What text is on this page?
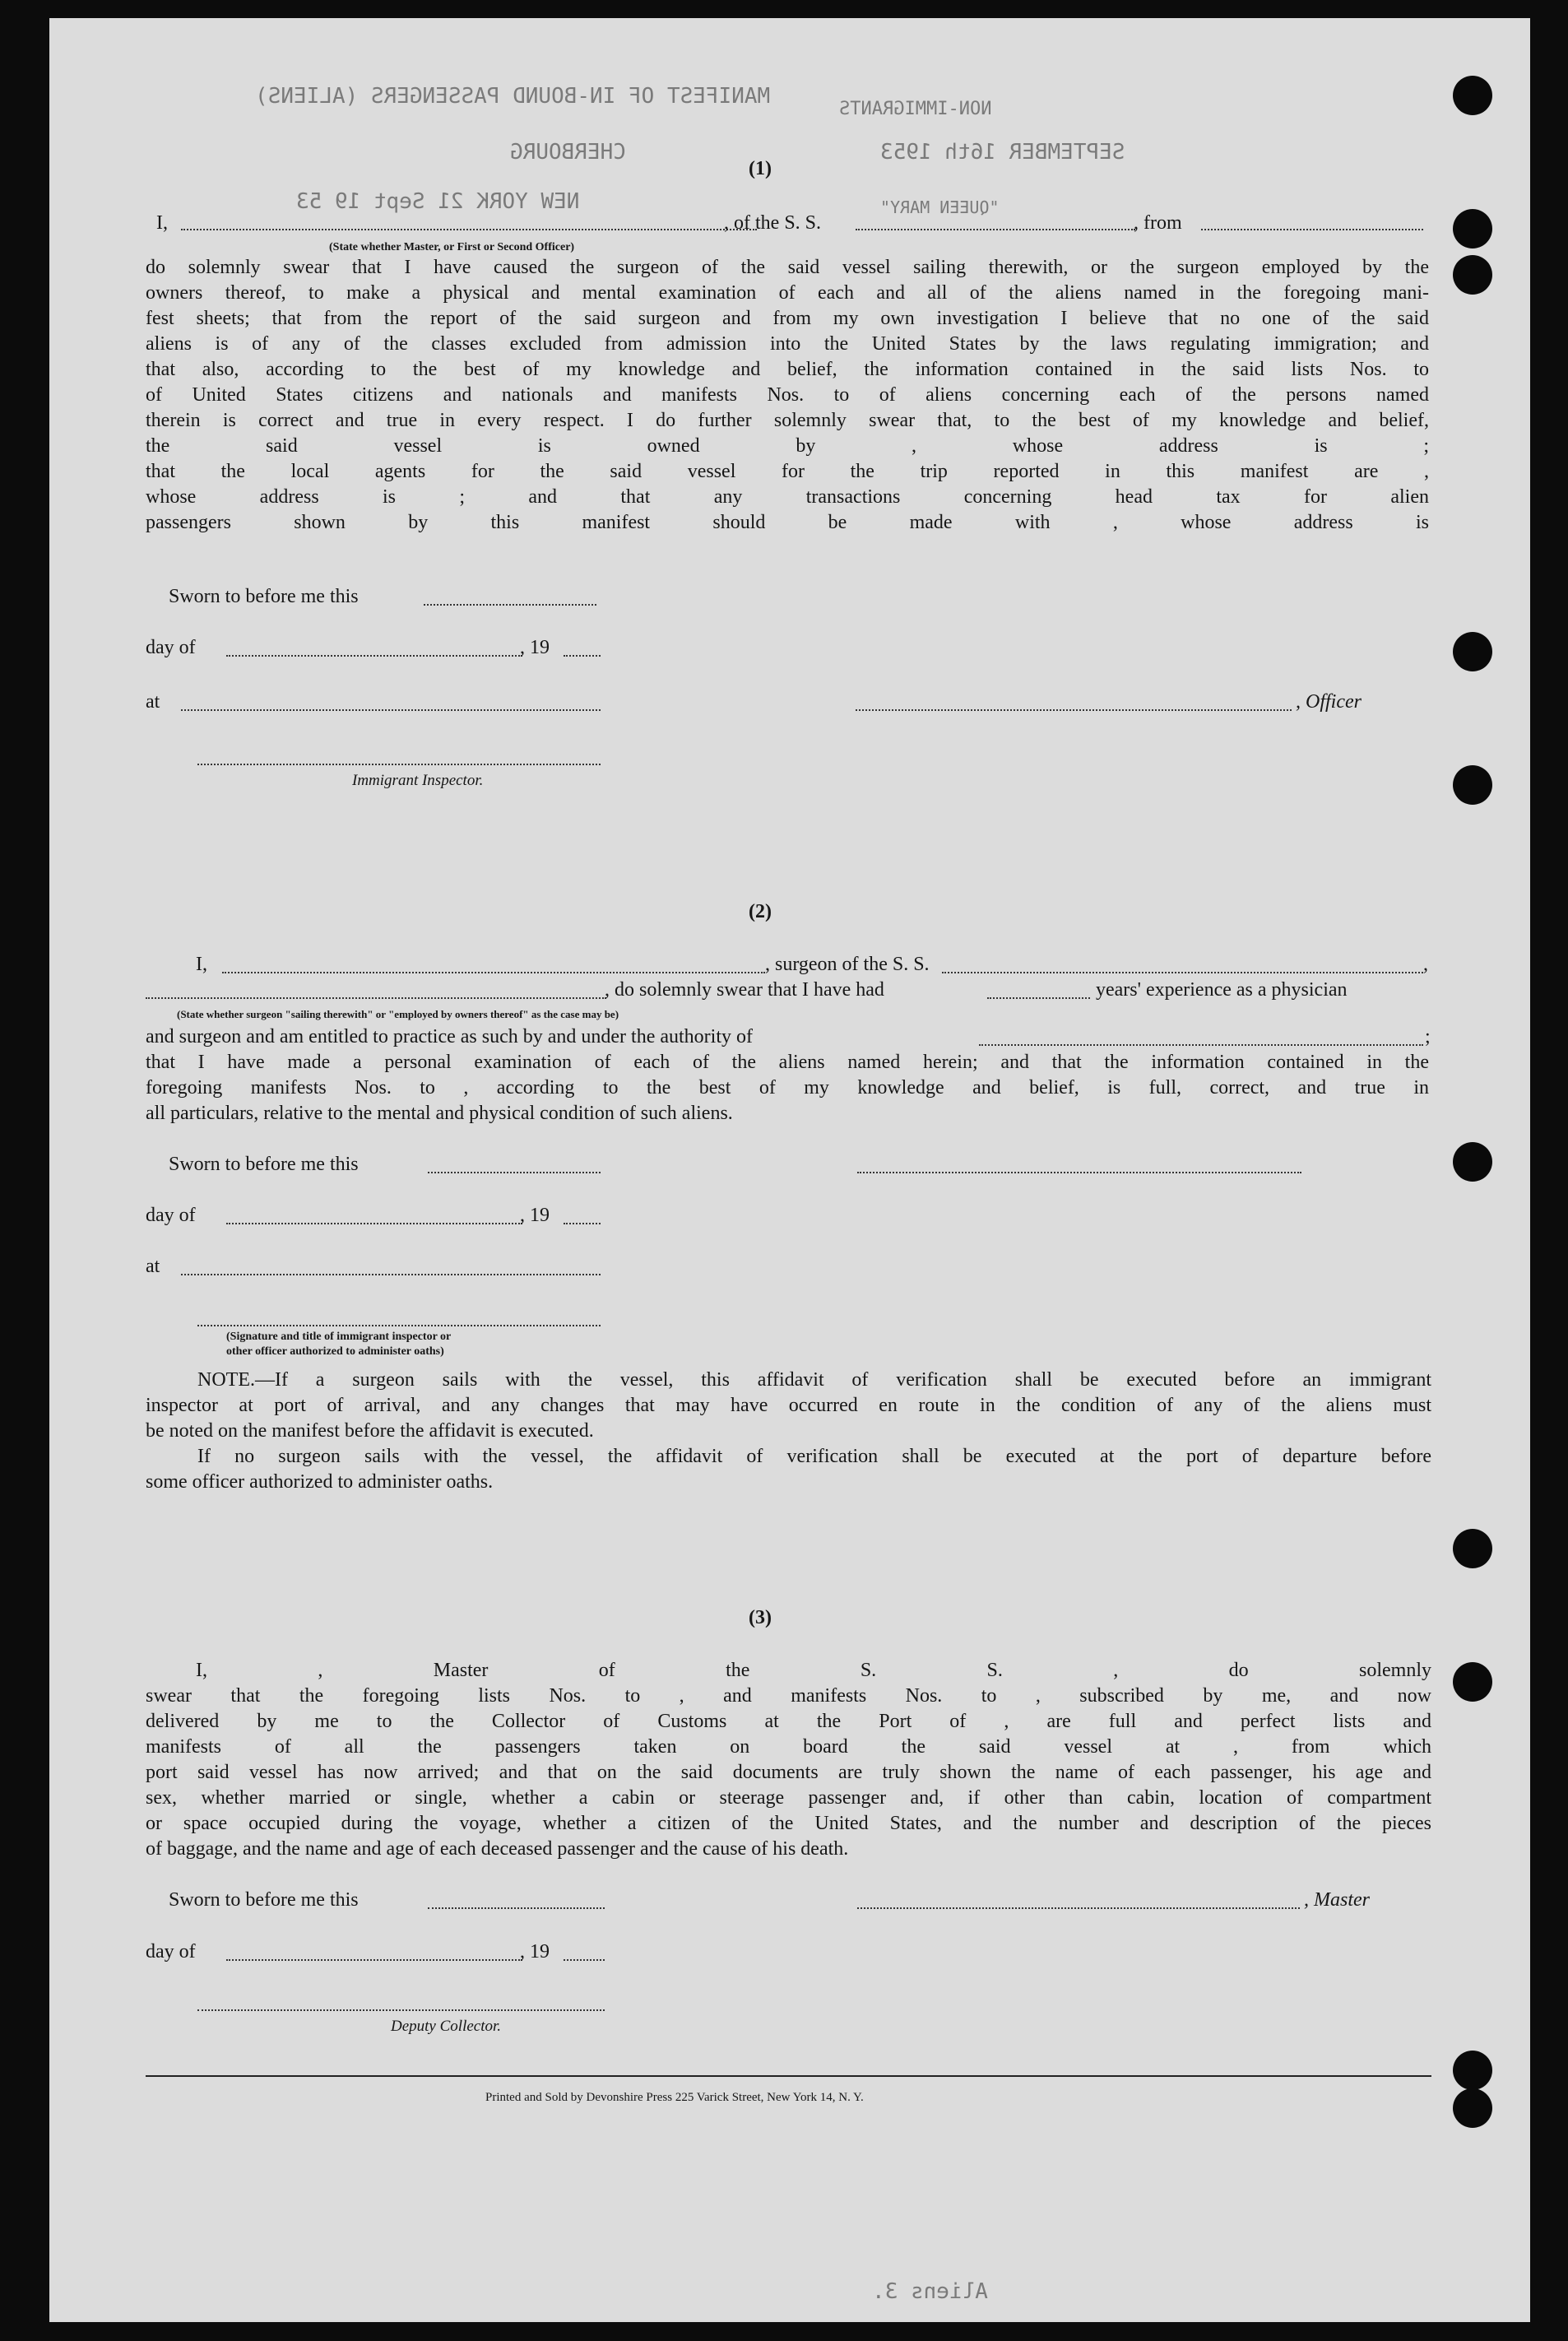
MANIFEST OF IN-BOUND PASSENGERS (ALIENS)
NON-IMMIGRANTS
SEPTEMBER 16th 1953
CHERBOURG
NEW YORK 21 Sept 19 53	"QUEEN MARY"
(1)
I,	, of the S. S.	, from
(State whether Master, or First or Second Officer)
do solemnly swear that I have caused the surgeon of the said vessel sailing therewith, or the surgeon employed by the
owners thereof, to make a physical and mental examination of each and all of the aliens named in the foregoing mani-
fest sheets; that from the report of the said surgeon and from my own investigation I believe that no one of the said
aliens is of any of the classes excluded from admission into the United States by the laws regulating immigration; and
that also, according to the best of my knowledge and belief, the information contained in the said lists Nos. to
of United States citizens and nationals and manifests Nos. to of aliens concerning each of the persons named
therein is correct and true in every respect. I do further solemnly swear that, to the best of my knowledge and belief,
the said vessel is owned by , whose address is ;
that the local agents for the said vessel for the trip reported in this manifest are ,
whose address is ; and that any transactions concerning head tax for alien
passengers shown by this manifest should be made with , whose address is
Sworn to before me this
day of	, 19
at	, Officer
Immigrant Inspector.
(2)
I,	, surgeon of the S. S.	,
, do solemnly swear that I have had	years' experience as a physician
(State whether surgeon "sailing therewith" or "employed by owners thereof" as the case may be)
and surgeon and am entitled to practice as such by and under the authority of	;
that I have made a personal examination of each of the aliens named herein; and that the information contained in the
foregoing manifests Nos. to , according to the best of my knowledge and belief, is full, correct, and true in
all particulars, relative to the mental and physical condition of such aliens.
Sworn to before me this
day of	, 19
at
(Signature and title of immigrant inspector or
other officer authorized to administer oaths)
NOTE.—If a surgeon sails with the vessel, this affidavit of verification shall be executed before an immigrant
inspector at port of arrival, and any changes that may have occurred en route in the condition of any of the aliens must
be noted on the manifest before the affidavit is executed.
If no surgeon sails with the vessel, the affidavit of verification shall be executed at the port of departure before
some officer authorized to administer oaths.
(3)
I, , Master of the S. S. , do solemnly
swear that the foregoing lists Nos. to , and manifests Nos. to , subscribed by me, and now
delivered by me to the Collector of Customs at the Port of , are full and perfect lists and
manifests of all the passengers taken on board the said vessel at , from which
port said vessel has now arrived; and that on the said documents are truly shown the name of each passenger, his age and
sex, whether married or single, whether a cabin or steerage passenger and, if other than cabin, location of compartment
or space occupied during the voyage, whether a citizen of the United States, and the number and description of the pieces
of baggage, and the name and age of each deceased passenger and the cause of his death.
Sworn to before me this	, Master
day of	, 19
Deputy Collector.
Printed and Sold by Devonshire Press 225 Varick Street, New York 14, N. Y.
Aliens 3.
